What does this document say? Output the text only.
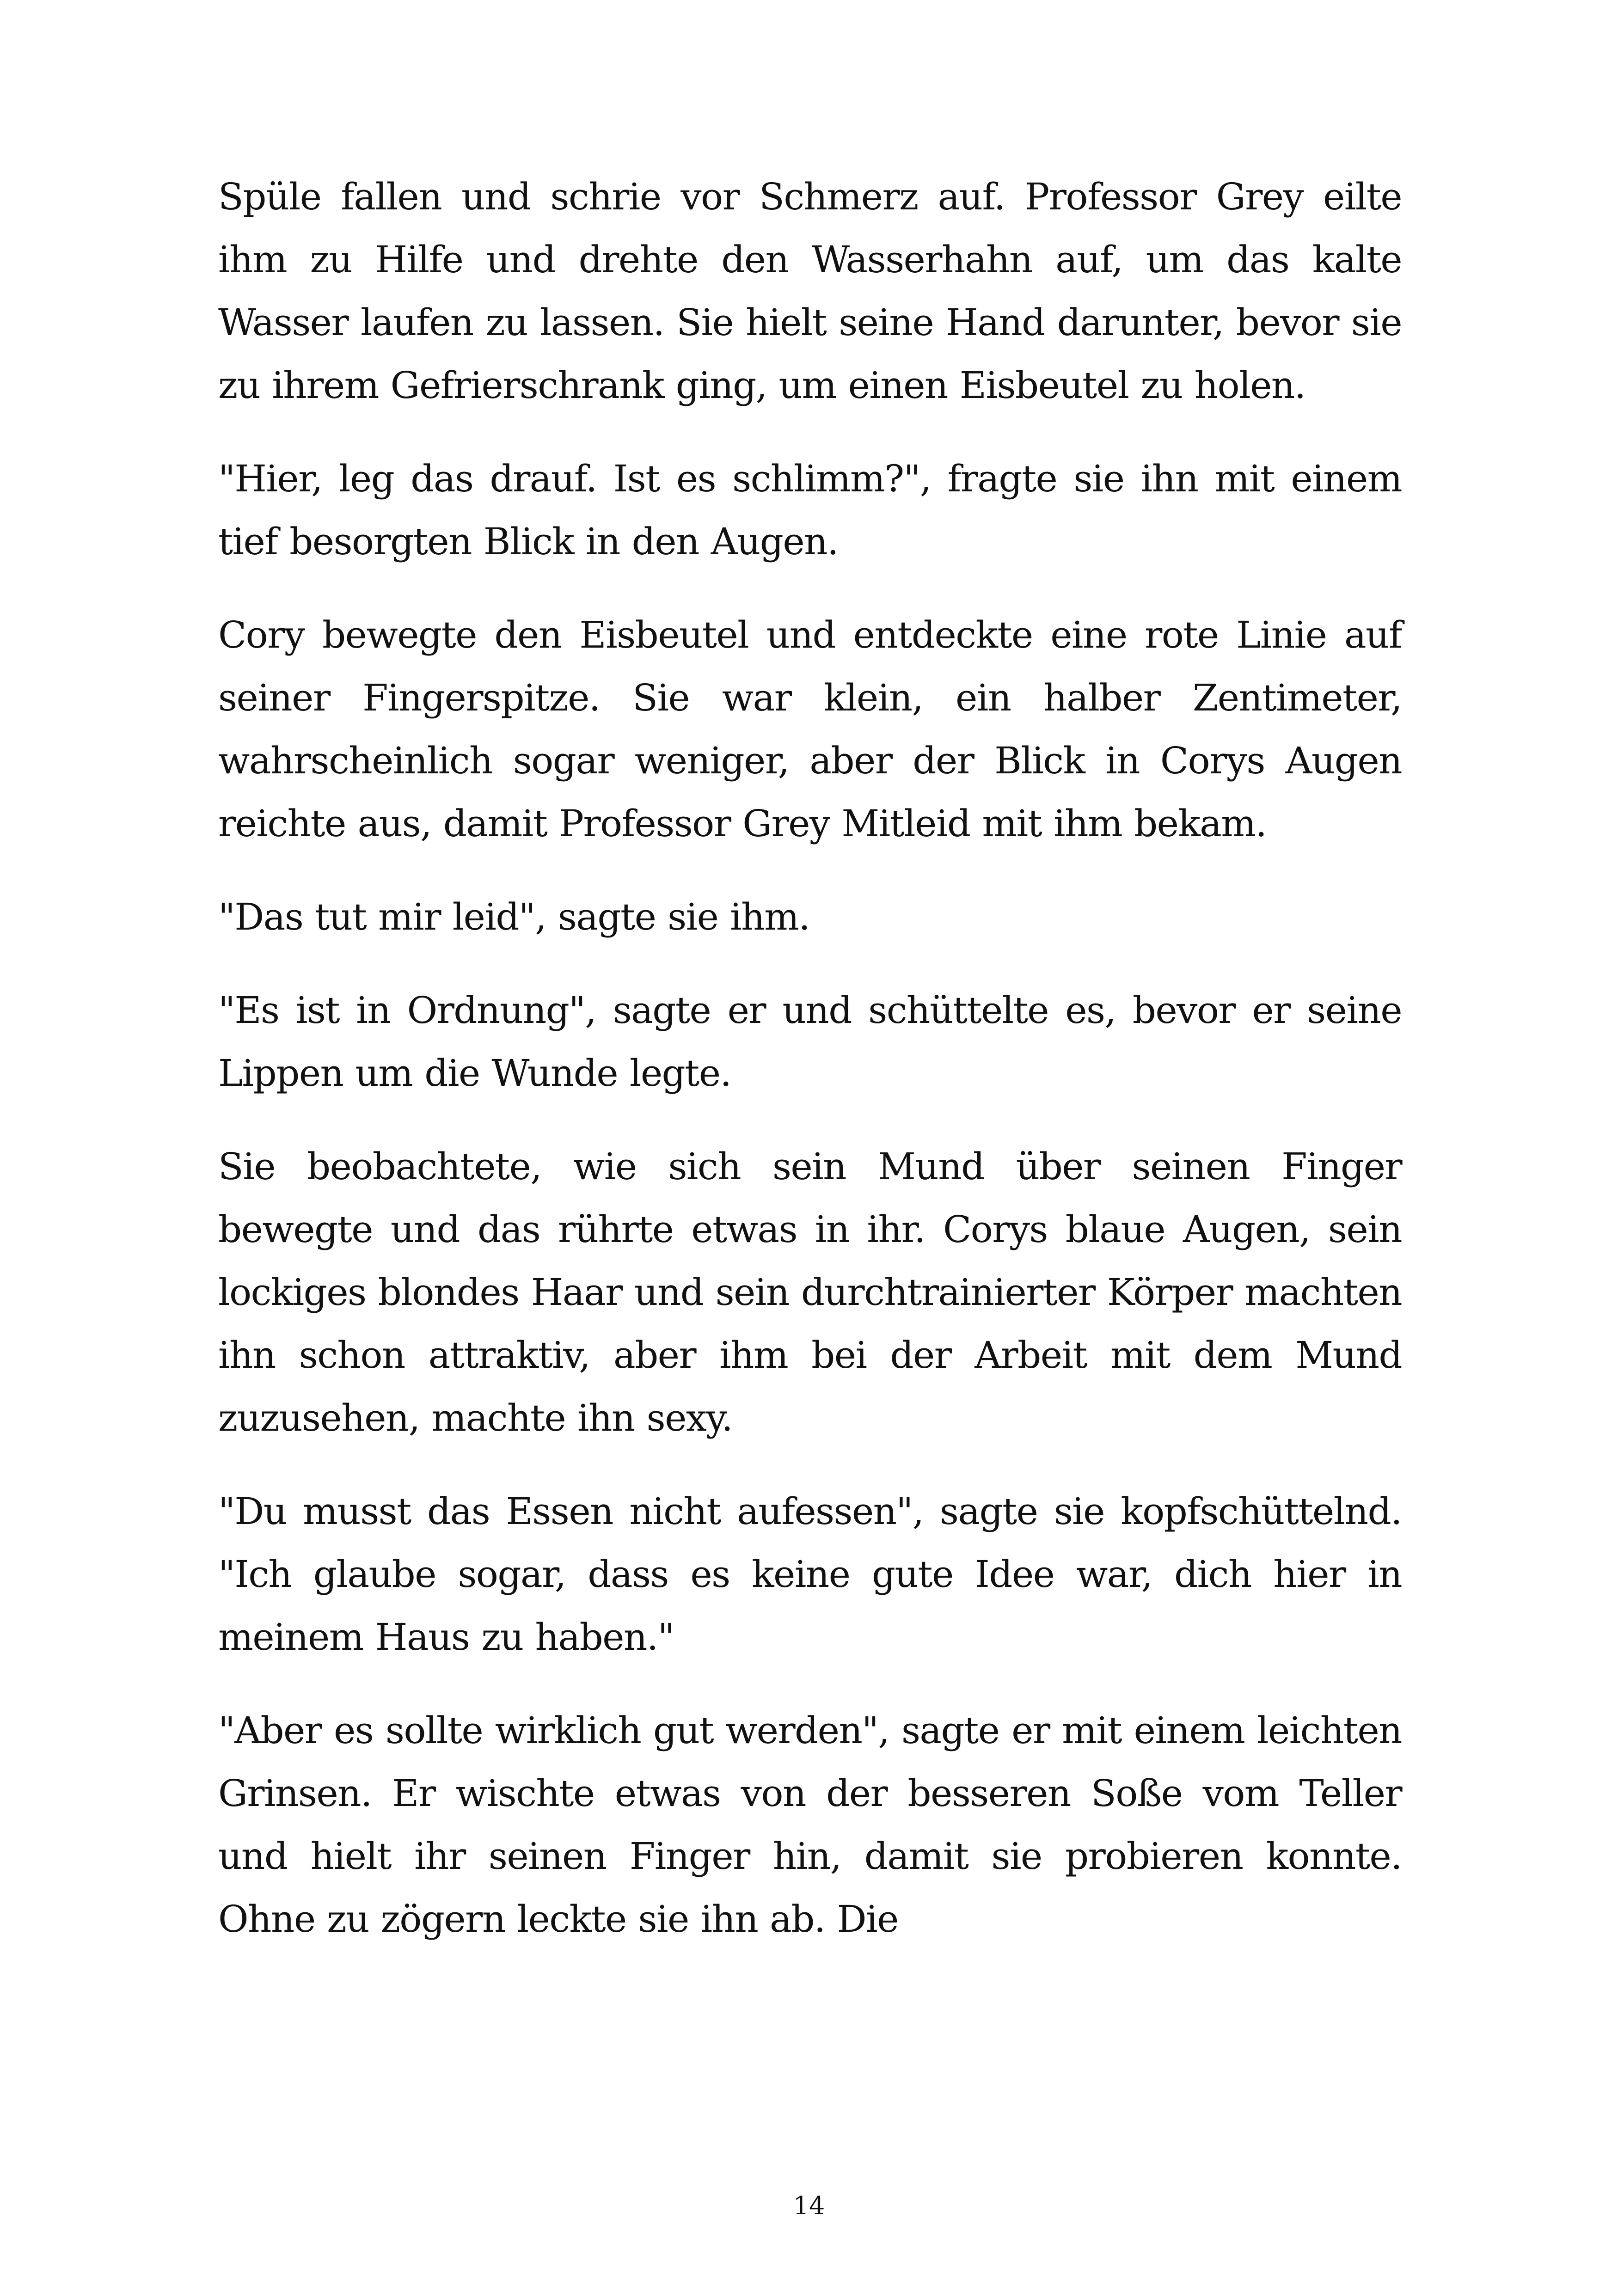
Spüle fallen und schrie vor Schmerz auf. Professor Grey eilte ihm zu Hilfe und drehte den Wasserhahn auf, um das kalte Wasser laufen zu lassen. Sie hielt seine Hand darunter, bevor sie zu ihrem Gefrierschrank ging, um einen Eisbeutel zu holen.

"Hier, leg das drauf. Ist es schlimm?", fragte sie ihn mit einem tief besorgten Blick in den Augen.

Cory bewegte den Eisbeutel und entdeckte eine rote Linie auf seiner Fingerspitze. Sie war klein, ein halber Zentimeter, wahrscheinlich sogar weniger, aber der Blick in Corys Augen reichte aus, damit Professor Grey Mitleid mit ihm bekam.

"Das tut mir leid", sagte sie ihm.

"Es ist in Ordnung", sagte er und schüttelte es, bevor er seine Lippen um die Wunde legte.

Sie beobachtete, wie sich sein Mund über seinen Finger bewegte und das rührte etwas in ihr. Corys blaue Augen, sein lockiges blondes Haar und sein durchtrainierter Körper machten ihn schon attraktiv, aber ihm bei der Arbeit mit dem Mund zuzusehen, machte ihn sexy.

"Du musst das Essen nicht aufessen", sagte sie kopfschüttelnd. "Ich glaube sogar, dass es keine gute Idee war, dich hier in meinem Haus zu haben."

"Aber es sollte wirklich gut werden", sagte er mit einem leichten Grinsen. Er wischte etwas von der besseren Soße vom Teller und hielt ihr seinen Finger hin, damit sie probieren konnte. Ohne zu zögern leckte sie ihn ab. Die

14
